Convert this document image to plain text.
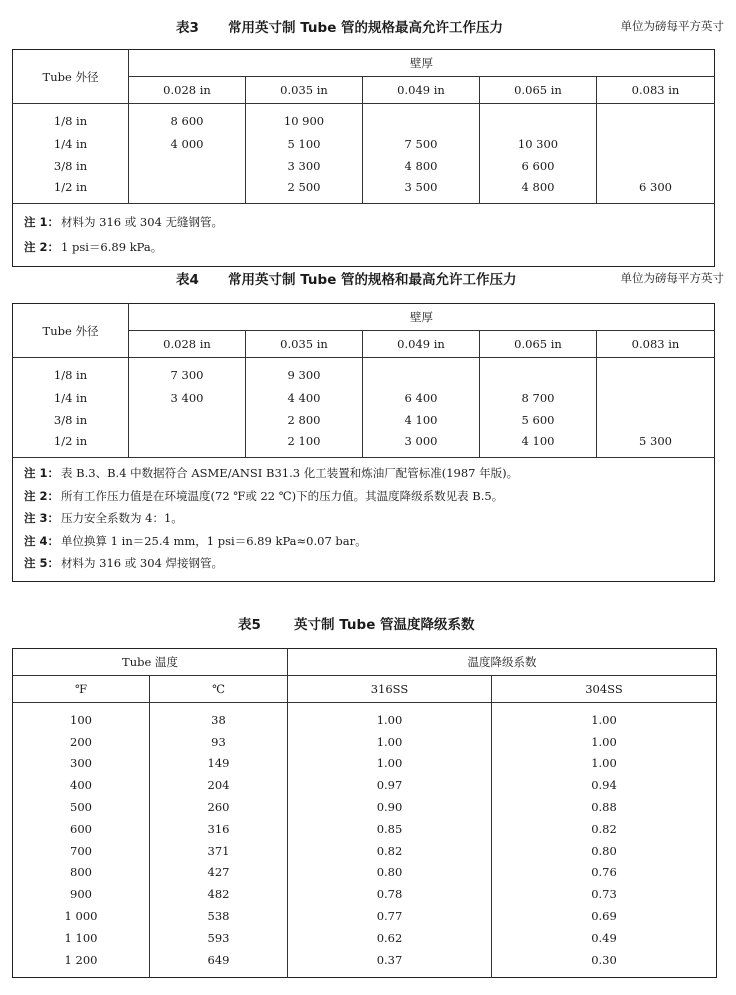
表3 常用英寸制 Tube 管的规格最高允许工作压力	单位为磅每平方英寸
Tube 外径	壁厚				
	0.028 in	0.035 in	0.049 in	0.065 in	0.083 in
1/8 in	8 600	10 900			
1/4 in	4 000	5 100	7 500	10 300	
3/8 in		3 300	4 800	6 600	
1/2 in		2 500	3 500	4 800	6 300

注 1： 材料为 316 或 304 无缝钢管。
注 2： 1 psi＝6.89 kPa。					
表4 常用英寸制 Tube 管的规格和最高允许工作压力	单位为磅每平方英寸
Tube 外径	壁厚				
	0.028 in	0.035 in	0.049 in	0.065 in	0.083 in
1/8 in	7 300	9 300			
1/4 in	3 400	4 400	6 400	8 700	
3/8 in		2 800	4 100	5 600	
1/2 in		2 100	3 000	4 100	5 300

注 1： 表 B.3、B.4 中数据符合 ASME/ANSI B31.3 化工装置和炼油厂配管标准(1987 年版)。
注 2： 所有工作压力值是在环境温度(72 ℉或 22 ℃)下的压力值。其温度降级系数见表 B.5。
注 3： 压力安全系数为 4：1。
注 4： 单位换算 1 in＝25.4 mm，1 psi＝6.89 kPa≈0.07 bar。
注 5： 材料为 316 或 304 焊接钢管。					
表5 英寸制 Tube 管温度降级系数
Tube 温度		温度降级系数	
℉	℃	316SS	304SS
100	38	1.00	1.00
200	93	1.00	1.00
300	149	1.00	1.00
400	204	0.97	0.94
500	260	0.90	0.88
600	316	0.85	0.82
700	371	0.82	0.80
800	427	0.80	0.76
900	482	0.78	0.73
1 000	538	0.77	0.69
1 100	593	0.62	0.49
1 200	649	0.37	0.30
